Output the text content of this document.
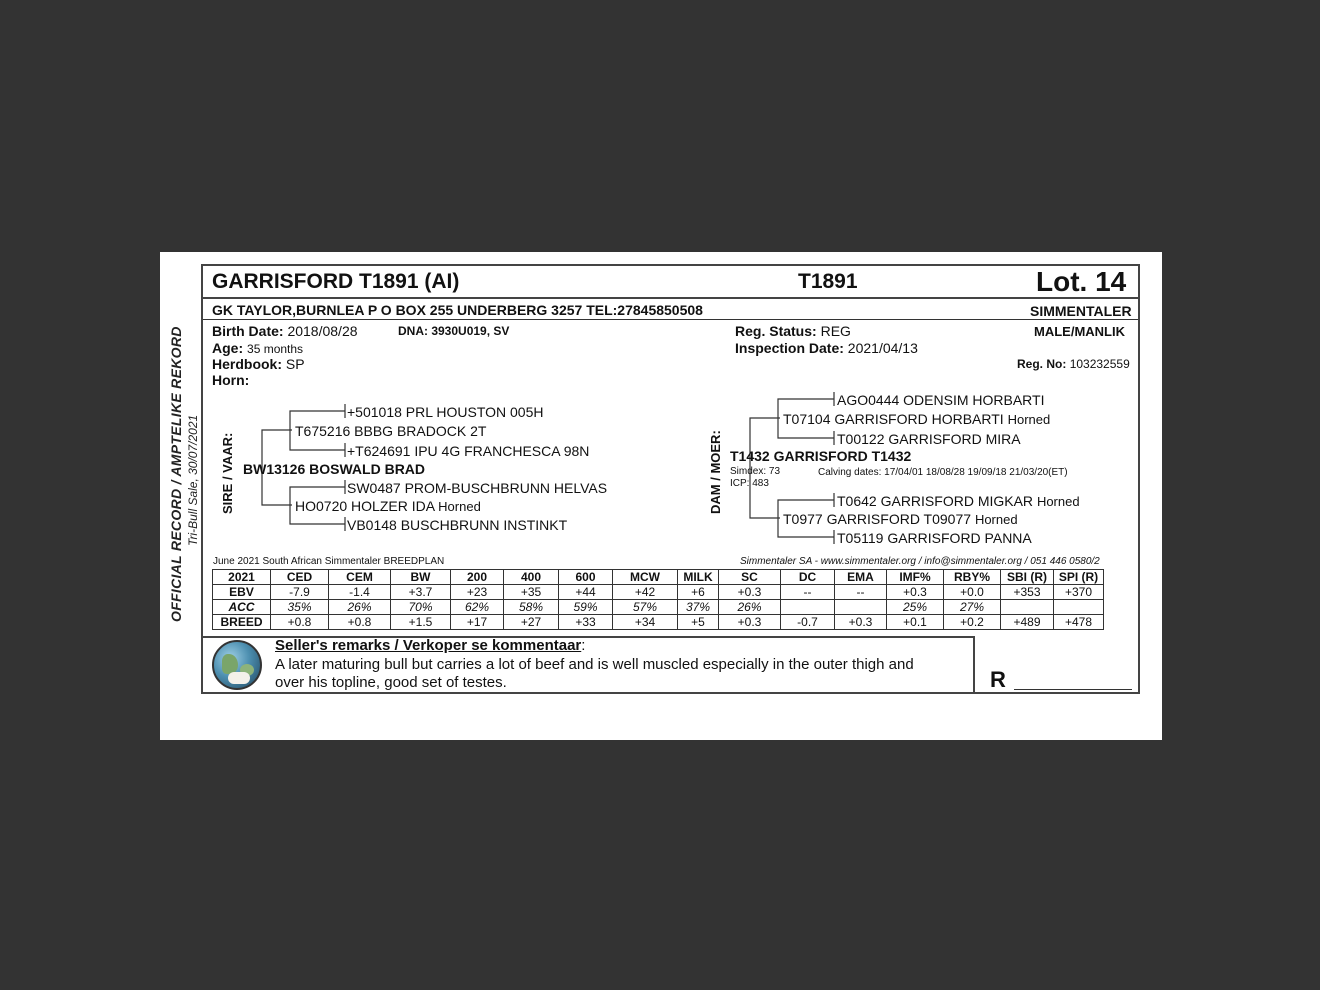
OFFICIAL RECORD / AMPTELIKE REKORD Tri-Bull Sale, 30/07/2021
GARRISFORD T1891 (AI)	T1891	Lot. 14
GK TAYLOR,BURNLEA P O BOX 255 UNDERBERG 3257 TEL:27845850508	SIMMENTALER
Birth Date: 2018/08/28	DNA: 3930U019, SV
Age: 35 months
Herdbook: SP
Horn:
Reg. Status: REG
Inspection Date: 2021/04/13
MALE/MANLIK
Reg. No: 103232559
SIRE / VAAR:
+501018 PRL HOUSTON 005H
T675216 BBBG BRADOCK 2T
+T624691 IPU 4G FRANCHESCA 98N
BW13126 BOSWALD BRAD
SW0487 PROM-BUSCHBRUNN HELVAS
HO0720 HOLZER IDA Horned
VB0148 BUSCHBRUNN INSTINKT
DAM / MOER:
AGO0444 ODENSIM HORBARTI
T07104 GARRISFORD HORBARTI Horned
T00122 GARRISFORD MIRA
T1432 GARRISFORD T1432
Simdex: 73
ICP: 483
Calving dates: 17/04/01 18/08/28 19/09/18 21/03/20(ET)
T0642 GARRISFORD MIGKAR Horned
T0977 GARRISFORD T09077 Horned
T05119 GARRISFORD PANNA
June 2021 South African Simmentaler BREEDPLAN	Simmentaler SA - www.simmentaler.org / info@simmentaler.org / 051 446 0580/2
2021	CED	CEM	BW	200	400	600	MCW	MILK	SC	DC	EMA	IMF%	RBY%	SBI (R)	SPI (R)
EBV	-7.9	-1.4	+3.7	+23	+35	+44	+42	+6	+0.3	--	--	+0.3	+0.0	+353	+370
ACC	35%	26%	70%	62%	58%	59%	57%	37%	26%			25%	27%		
BREED	+0.8	+0.8	+1.5	+17	+27	+33	+34	+5	+0.3	-0.7	+0.3	+0.1	+0.2	+489	+478
Seller's remarks / Verkoper se kommentaar:
A later maturing bull but carries a lot of beef and is well muscled especially in the outer thigh and
over his topline, good set of testes.	R
